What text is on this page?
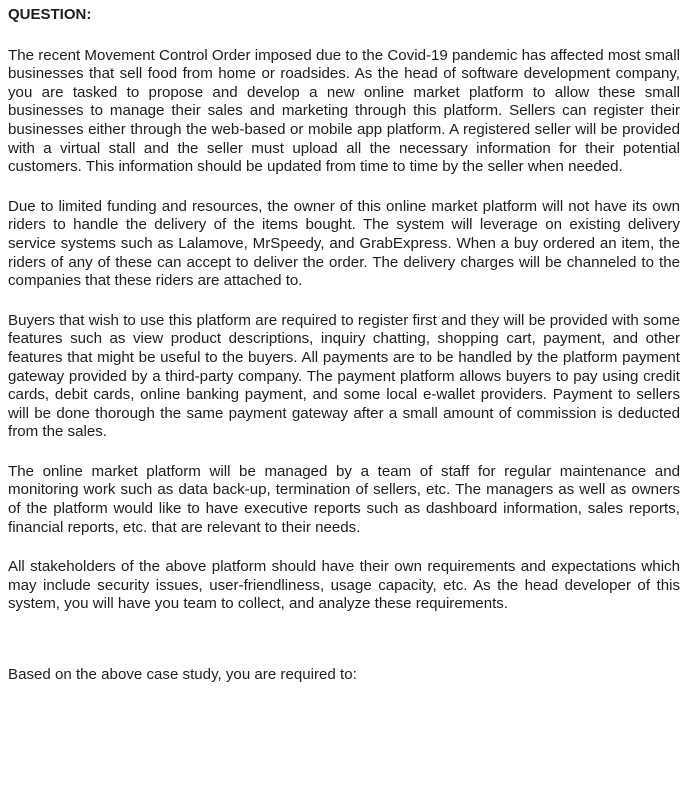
QUESTION:

The recent Movement Control Order imposed due to the Covid-19 pandemic has affected most small businesses that sell food from home or roadsides. As the head of software development company, you are tasked to propose and develop a new online market platform to allow these small businesses to manage their sales and marketing through this platform. Sellers can register their businesses either through the web-based or mobile app platform. A registered seller will be provided with a virtual stall and the seller must upload all the necessary information for their potential customers. This information should be updated from time to time by the seller when needed.

Due to limited funding and resources, the owner of this online market platform will not have its own riders to handle the delivery of the items bought. The system will leverage on existing delivery service systems such as Lalamove, MrSpeedy, and GrabExpress. When a buy ordered an item, the riders of any of these can accept to deliver the order. The delivery charges will be channeled to the companies that these riders are attached to.

Buyers that wish to use this platform are required to register first and they will be provided with some features such as view product descriptions, inquiry chatting, shopping cart, payment, and other features that might be useful to the buyers. All payments are to be handled by the platform payment gateway provided by a third-party company. The payment platform allows buyers to pay using credit cards, debit cards, online banking payment, and some local e-wallet providers. Payment to sellers will be done thorough the same payment gateway after a small amount of commission is deducted from the sales.

The online market platform will be managed by a team of staff for regular maintenance and monitoring work such as data back-up, termination of sellers, etc. The managers as well as owners of the platform would like to have executive reports such as dashboard information, sales reports, financial reports, etc. that are relevant to their needs.

All stakeholders of the above platform should have their own requirements and expectations which may include security issues, user-friendliness, usage capacity, etc. As the head developer of this system, you will have you team to collect, and analyze these requirements.

Based on the above case study, you are required to:
